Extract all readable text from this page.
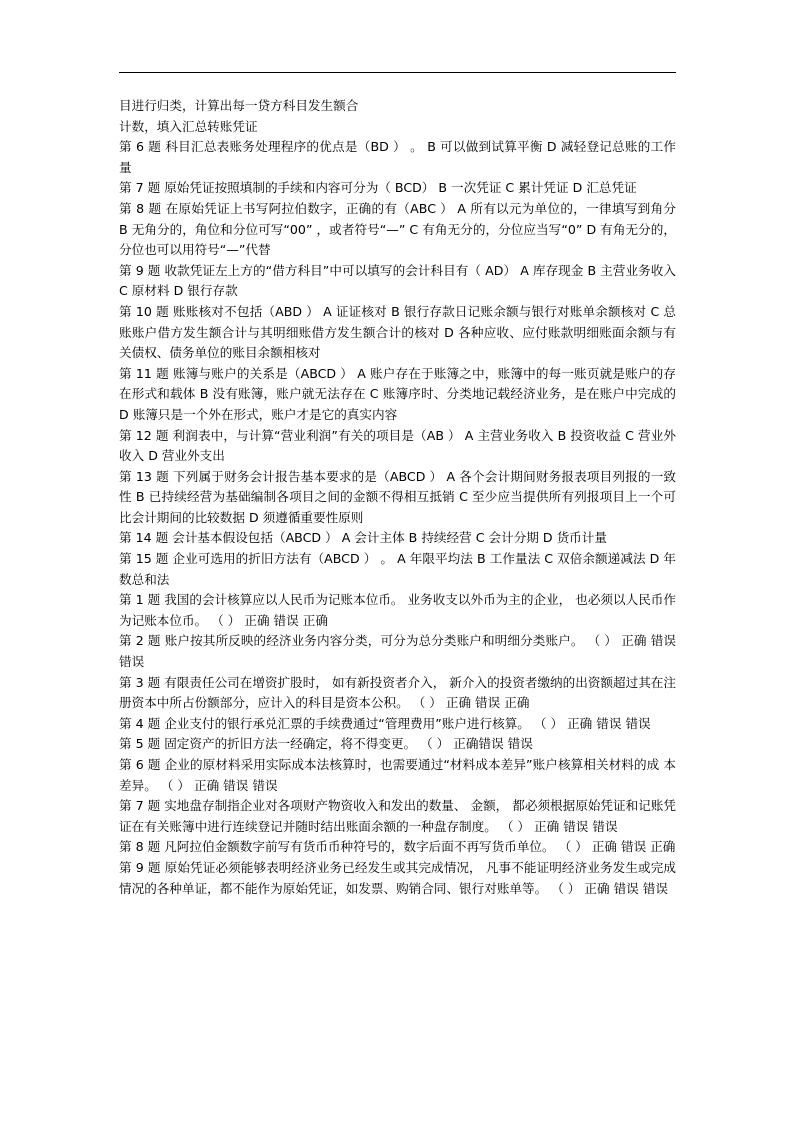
目进行归类，计算出每一贷方科目发生额合

计数，填入汇总转账凭证

第 6 题 科目汇总表账务处理程序的优点是（BD ） 。 B 可以做到试算平衡 D 减轻登记总账的工作量

第 7 题 原始凭证按照填制的手续和内容可分为（ BCD） B 一次凭证 C 累计凭证 D 汇总凭证

第 8 题 在原始凭证上书写阿拉伯数字，正确的有（ABC ） A 所有以元为单位的，一律填写到角分 B 无角分的，角位和分位可写“00” ，或者符号“—” C 有角无分的，分位应当写“0” D 有角无分的，分位也可以用符号“—”代替

第 9 题 收款凭证左上方的“借方科目”中可以填写的会计科目有（ AD） A 库存现金 B 主营业务收入 C 原材料 D 银行存款

第 10 题 账账核对不包括（ABD ） A 证证核对 B 银行存款日记账余额与银行对账单余额核对 C 总账账户借方发生额合计与其明细账借方发生额合计的核对 D 各种应收、应付账款明细账面余额与有关债权、债务单位的账目余额相核对

第 11 题 账簿与账户的关系是（ABCD ） A 账户存在于账簿之中，账簿中的每一账页就是账户的存在形式和载体 B 没有账簿，账户就无法存在 C 账簿序时、分类地记载经济业务，是在账户中完成的 D 账簿只是一个外在形式，账户才是它的真实内容

第 12 题 利润表中，与计算“营业利润”有关的项目是（AB ） A 主营业务收入 B 投资收益 C 营业外收入 D 营业外支出

第 13 题 下列属于财务会计报告基本要求的是（ABCD ） A 各个会计期间财务报表项目列报的一致性 B 已持续经营为基础编制各项目之间的金额不得相互抵销 C 至少应当提供所有列报项目上一个可比会计期间的比较数据 D 须遵循重要性原则

第 14 题 会计基本假设包括（ABCD ） A 会计主体 B 持续经营 C 会计分期 D 货币计量

第 15 题 企业可选用的折旧方法有（ABCD ） 。 A 年限平均法 B 工作量法 C 双倍余额递减法 D 年数总和法

第 1 题 我国的会计核算应以人民币为记账本位币。 业务收支以外币为主的企业， 也必须以人民币作 为记账本位币。 （ ） 正确 错误 正确

第 2 题 账户按其所反映的经济业务内容分类，可分为总分类账户和明细分类账户。 （ ） 正确 错误 错误

第 3 题 有限责任公司在增资扩股时， 如有新投资者介入， 新介入的投资者缴纳的出资额超过其在注 册资本中所占份额部分，应计入的科目是资本公积。 （ ） 正确 错误 正确

第 4 题 企业支付的银行承兑汇票的手续费通过“管理费用”账户进行核算。 （ ） 正确 错误 错误

第 5 题 固定资产的折旧方法一经确定，将不得变更。 （ ） 正确错误 错误

第 6 题 企业的原材料采用实际成本法核算时，也需要通过“材料成本差异”账户核算相关材料的成 本差异。 （ ） 正确 错误 错误

第 7 题 实地盘存制指企业对各项财产物资收入和发出的数量、 金额， 都必须根据原始凭证和记账凭 证在有关账簿中进行连续登记并随时结出账面余额的一种盘存制度。 （ ） 正确 错误 错误

第 8 题 凡阿拉伯金额数字前写有货币币种符号的，数字后面不再写货币单位。 （ ） 正确 错误 正确

第 9 题 原始凭证必须能够表明经济业务已经发生或其完成情况， 凡事不能证明经济业务发生或完成 情况的各种单证，都不能作为原始凭证，如发票、购销合同、银行对账单等。 （ ） 正确 错误 错误
